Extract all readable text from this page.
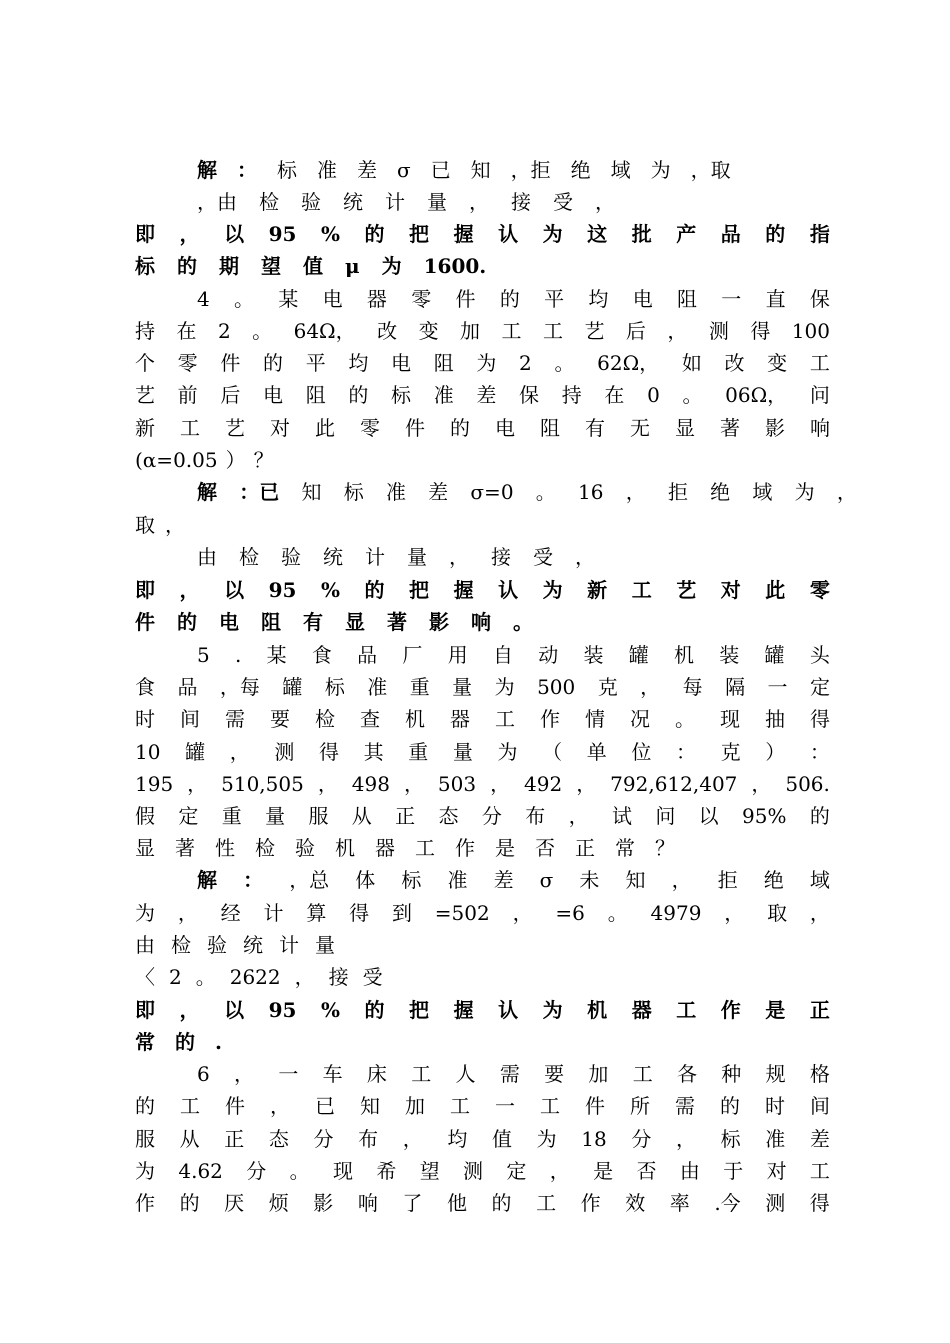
解 ： 标 准 差 σ 已 知 ，拒 绝 域 为 ，取
，由 检 验 统 计 量 ， 接 受 ，
即 ， 以 95 % 的 把 握 认 为 这 批 产 品 的 指
标 的 期 望 值 μ 为 1600.
4 。 某 电 器 零 件 的 平 均 电 阻 一 直 保
持 在 2 。 64Ω， 改 变 加 工 工 艺 后 ， 测 得 100
个 零 件 的 平 均 电 阻 为 2 。 62Ω， 如 改 变 工
艺 前 后 电 阻 的 标 准 差 保 持 在 0 。 06Ω， 问
新 工 艺 对 此 零 件 的 电 阻 有 无 显 著 影 响
(α=0.05 ） ？
解 ：已 知 标 准 差 σ=0 。 16 ， 拒 绝 域 为 ，
取 ，
由 检 验 统 计 量 ， 接 受 ，
即 ， 以 95 % 的 把 握 认 为 新 工 艺 对 此 零
件 的 电 阻 有 显 著 影 响 。
5 . 某 食 品 厂 用 自 动 装 罐 机 装 罐 头
食 品 ，每 罐 标 准 重 量 为 500 克 ， 每 隔 一 定
时 间 需 要 检 查 机 器 工 作 情 况 。 现 抽 得
10 罐 ， 测 得 其 重 量 为 （ 单 位 ： 克 ） ：
195 ， 510,505 ， 498 ， 503 ， 492 ， 792,612,407 ， 506.
假 定 重 量 服 从 正 态 分 布 ， 试 问 以 95% 的
显 著 性 检 验 机 器 工 作 是 否 正 常 ？
解 ： ，总 体 标 准 差 σ 未 知 ， 拒 绝 域
为 ， 经 计 算 得 到 =502 ， =6 。 4979 ， 取 ，
由 检 验 统 计 量
〈 2 。 2622 ， 接 受
即 ， 以 95 % 的 把 握 认 为 机 器 工 作 是 正
常 的 .
6 ， 一 车 床 工 人 需 要 加 工 各 种 规 格
的 工 件 ， 已 知 加 工 一 工 件 所 需 的 时 间
服 从 正 态 分 布 ， 均 值 为 18 分 ， 标 准 差
为 4.62 分 。 现 希 望 测 定 ， 是 否 由 于 对 工
作 的 厌 烦 影 响 了 他 的 工 作 效 率 .今 测 得
